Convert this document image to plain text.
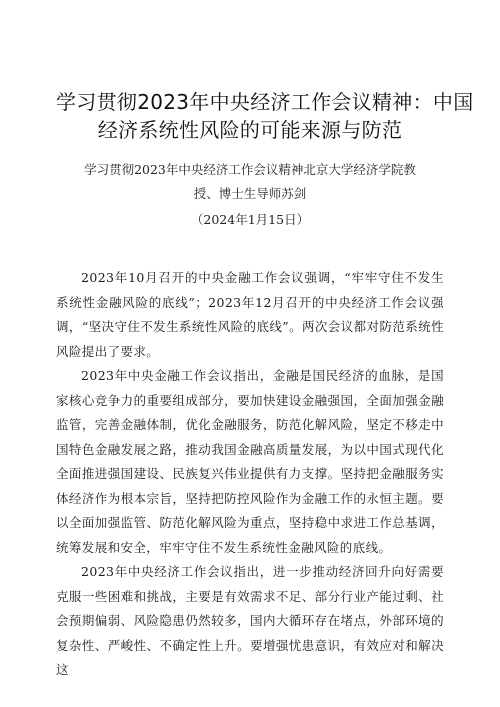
学习贯彻2023年中央经济工作会议精神：中国
经济系统性风险的可能来源与防范

学习贯彻2023年中央经济工作会议精神北京大学经济学院教

授、博士生导师苏剑

（2024年1月15日）

2023年10月召开的中央金融工作会议强调，“牢牢守住不发生系统性金融风险的底线”；2023年12月召开的中央经济工作会议强调，“坚决守住不发生系统性风险的底线”。两次会议都对防范系统性风险提出了要求。

2023年中央金融工作会议指出，金融是国民经济的血脉，是国家核心竞争力的重要组成部分，要加快建设金融强国，全面加强金融监管，完善金融体制，优化金融服务，防范化解风险，坚定不移走中国特色金融发展之路，推动我国金融高质量发展，为以中国式现代化全面推进强国建设、民族复兴伟业提供有力支撑。坚持把金融服务实体经济作为根本宗旨，坚持把防控风险作为金融工作的永恒主题。要以全面加强监管、防范化解风险为重点，坚持稳中求进工作总基调，统筹发展和安全，牢牢守住不发生系统性金融风险的底线。

2023年中央经济工作会议指出，进一步推动经济回升向好需要克服一些困难和挑战，主要是有效需求不足、部分行业产能过剩、社会预期偏弱、风险隐患仍然较多，国内大循环存在堵点，外部环境的复杂性、严峻性、不确定性上升。要增强忧患意识，有效应对和解决这
